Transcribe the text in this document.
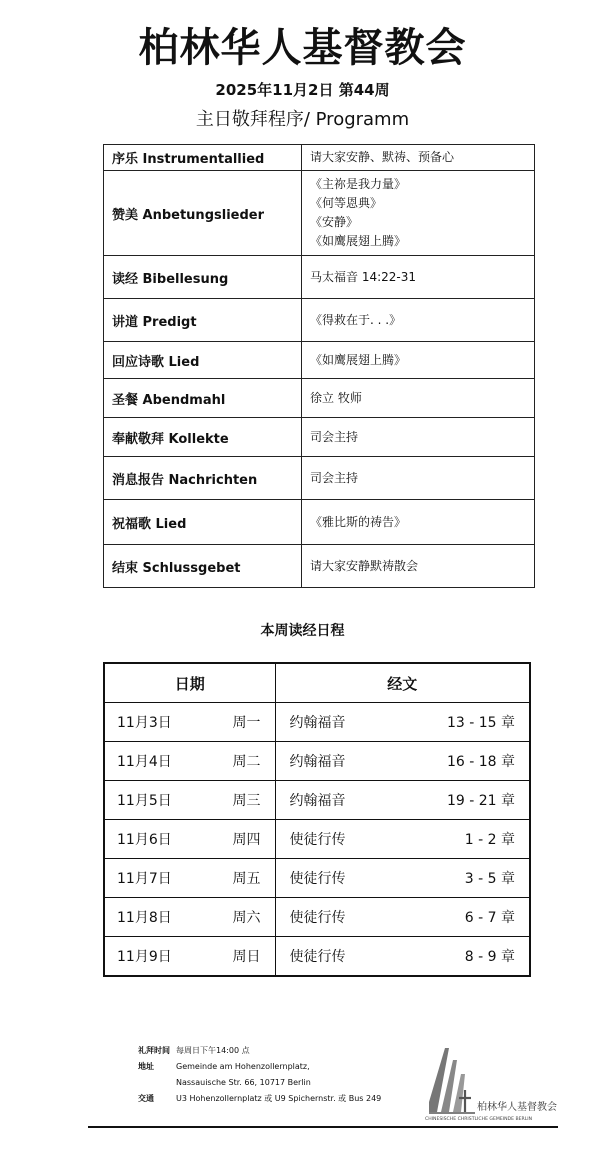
柏林华人基督教会
2025年11月2日 第44周
主日敬拜程序/ Programm
序乐 Instrumentallied	请大家安静、默祷、预备心

赞美 Anbetungslieder	《主祢是我力量》
《何等恩典》
《安静》
《如鹰展翅上腾》

读经 Bibellesung	马太福音 14:22-31

讲道 Predigt	《得救在于. . .》

回应诗歌 Lied	《如鹰展翅上腾》

圣餐 Abendmahl	徐立 牧师

奉献敬拜 Kollekte	司会主持

消息报告 Nachrichten	司会主持

祝福歌 Lied	《雅比斯的祷告》

结束 Schlussgebet	请大家安静默祷散会
本周读经日程
日期	经文

11月3日 周一	约翰福音 13 - 15 章

11月4日 周二	约翰福音 16 - 18 章

11月5日 周三	约翰福音 19 - 21 章

11月6日 周四	使徒行传 1 - 2 章

11月7日 周五	使徒行传 3 - 5 章

11月8日 周六	使徒行传 6 - 7 章

11月9日 周日	使徒行传 8 - 9 章
礼拜时间 每周日下午14:00 点
地址	Gemeinde am Hohenzollernplatz,
Nassauische Str. 66, 10717 Berlin
交通	U3 Hohenzollernplatz 或 U9 Spichernstr. 或 Bus 249
柏林华人基督教会
CHINESISCHE CHRISTLICHE GEMEINDE BERLIN
